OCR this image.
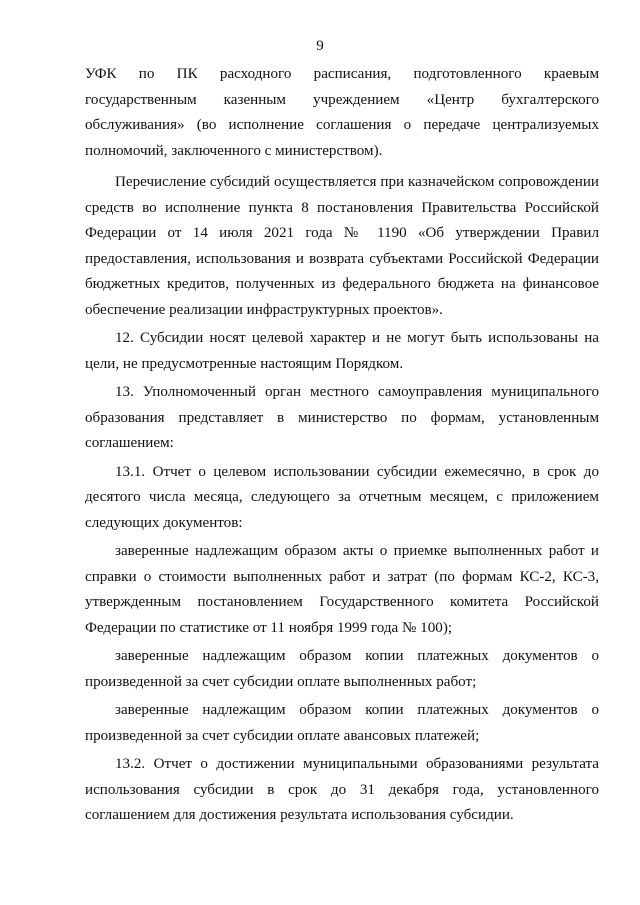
9

УФК по ПК расходного расписания, подготовленного краевым государственным казенным учреждением «Центр бухгалтерского обслуживания» (во исполнение соглашения о передаче централизуемых полномочий, заключенного с министерством).

Перечисление субсидий осуществляется при казначейском сопровождении средств во исполнение пункта 8 постановления Правительства Российской Федерации от 14 июля 2021 года № 1190 «Об утверждении Правил предоставления, использования и возврата субъектами Российской Федерации бюджетных кредитов, полученных из федерального бюджета на финансовое обеспечение реализации инфраструктурных проектов».

12. Субсидии носят целевой характер и не могут быть использованы на цели, не предусмотренные настоящим Порядком.

13. Уполномоченный орган местного самоуправления муниципального образования представляет в министерство по формам, установленным соглашением:

13.1. Отчет о целевом использовании субсидии ежемесячно, в срок до десятого числа месяца, следующего за отчетным месяцем, с приложением следующих документов:

заверенные надлежащим образом акты о приемке выполненных работ и справки о стоимости выполненных работ и затрат (по формам КС-2, КС-3, утвержденным постановлением Государственного комитета Российской Федерации по статистике от 11 ноября 1999 года № 100);

заверенные надлежащим образом копии платежных документов о произведенной за счет субсидии оплате выполненных работ;

заверенные надлежащим образом копии платежных документов о произведенной за счет субсидии оплате авансовых платежей;

13.2. Отчет о достижении муниципальными образованиями результата использования субсидии в срок до 31 декабря года, установленного соглашением для достижения результата использования субсидии.
